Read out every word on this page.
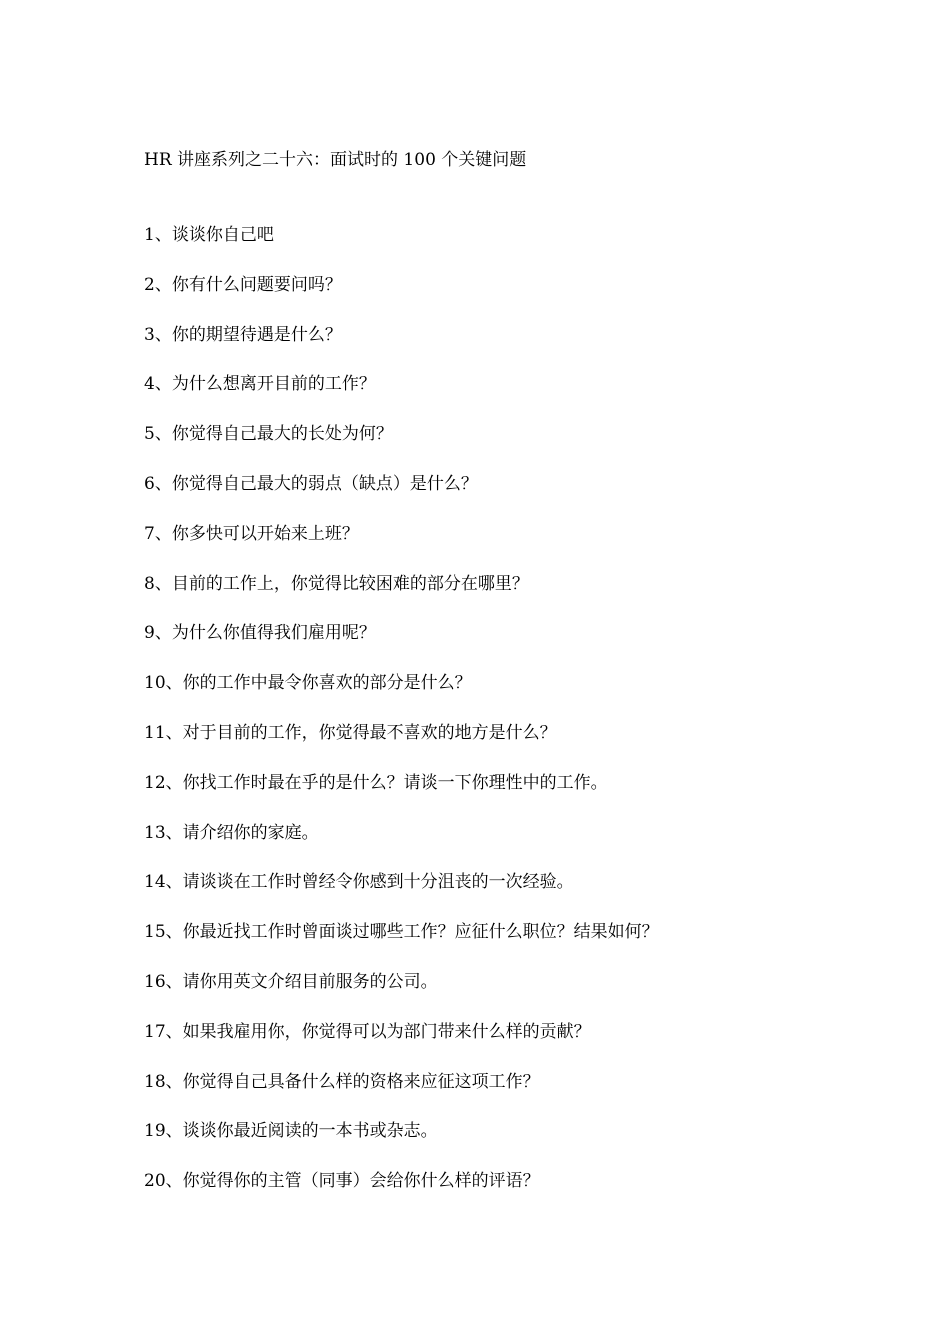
HR 讲座系列之二十六：面试时的 100 个关键问题
1、谈谈你自己吧
2、你有什么问题要问吗？
3、你的期望待遇是什么？
4、为什么想离开目前的工作？
5、你觉得自己最大的长处为何？
6、你觉得自己最大的弱点（缺点）是什么？
7、你多快可以开始来上班？
8、目前的工作上，你觉得比较困难的部分在哪里？
9、为什么你值得我们雇用呢？
10、你的工作中最令你喜欢的部分是什么？
11、对于目前的工作，你觉得最不喜欢的地方是什么？
12、你找工作时最在乎的是什么？请谈一下你理性中的工作。
13、请介绍你的家庭。
14、请谈谈在工作时曾经令你感到十分沮丧的一次经验。
15、你最近找工作时曾面谈过哪些工作？应征什么职位？结果如何？
16、请你用英文介绍目前服务的公司。
17、如果我雇用你，你觉得可以为部门带来什么样的贡献？
18、你觉得自己具备什么样的资格来应征这项工作？
19、谈谈你最近阅读的一本书或杂志。
20、你觉得你的主管（同事）会给你什么样的评语？
